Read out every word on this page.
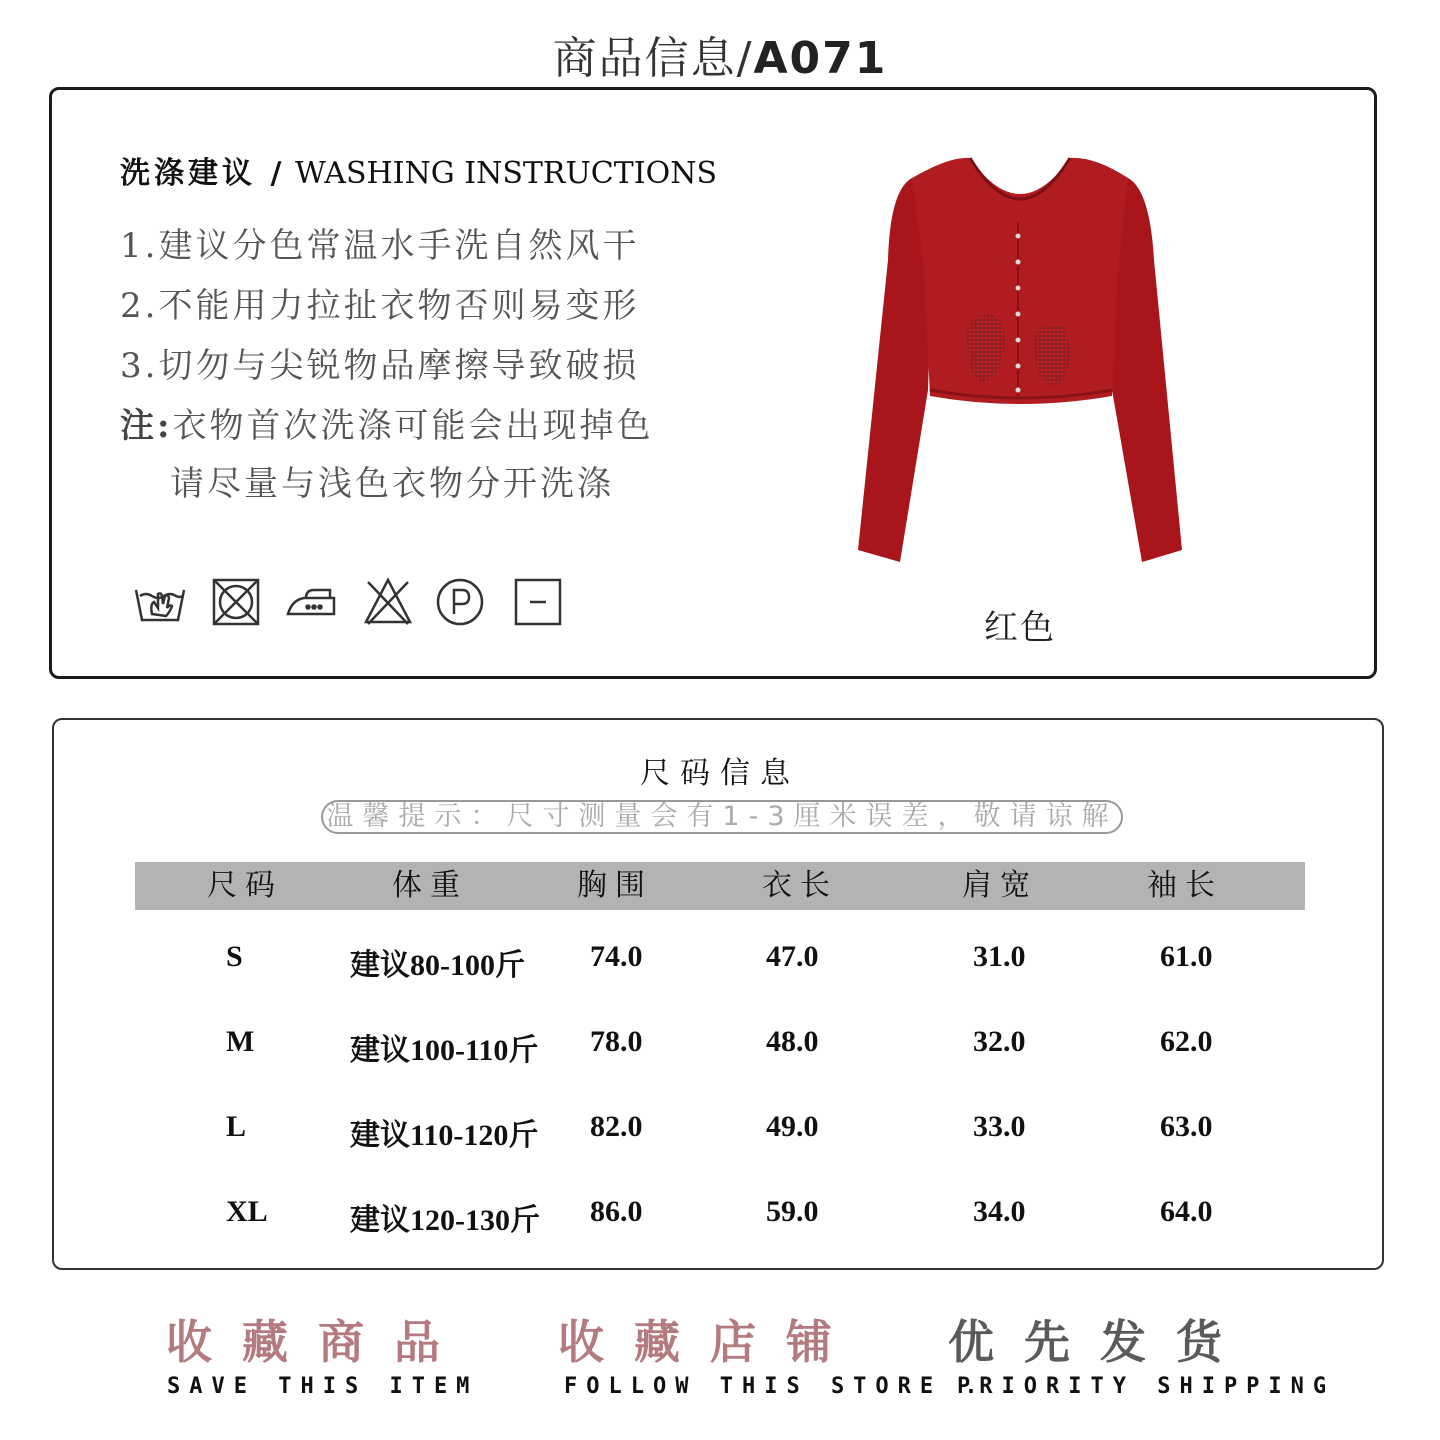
商品信息/A071
洗涤建议 / WASHING INSTRUCTIONS
1.建议分色常温水手洗自然风干
2.不能用力拉扯衣物否则易变形
3.切勿与尖锐物品摩擦导致破损
注:衣物首次洗涤可能会出现掉色
请尽量与浅色衣物分开洗涤
红色
尺码信息
温馨提示：尺寸测量会有1-3厘米误差，敬请谅解
尺码	体重	胸围	衣长	肩宽	袖长
S	建议80-100斤 74.0	47.0	31.0	61.0
M	建议100-110斤 78.0	48.0	32.0	62.0
L	建议110-120斤 82.0	49.0	33.0	63.0
XL	建议120-130斤 86.0	59.0	34.0	64.0
收藏商品
SAVE THIS ITEM
收藏店铺
FOLLOW THIS STORE .
优先发货
PRIORITY SHIPPING
